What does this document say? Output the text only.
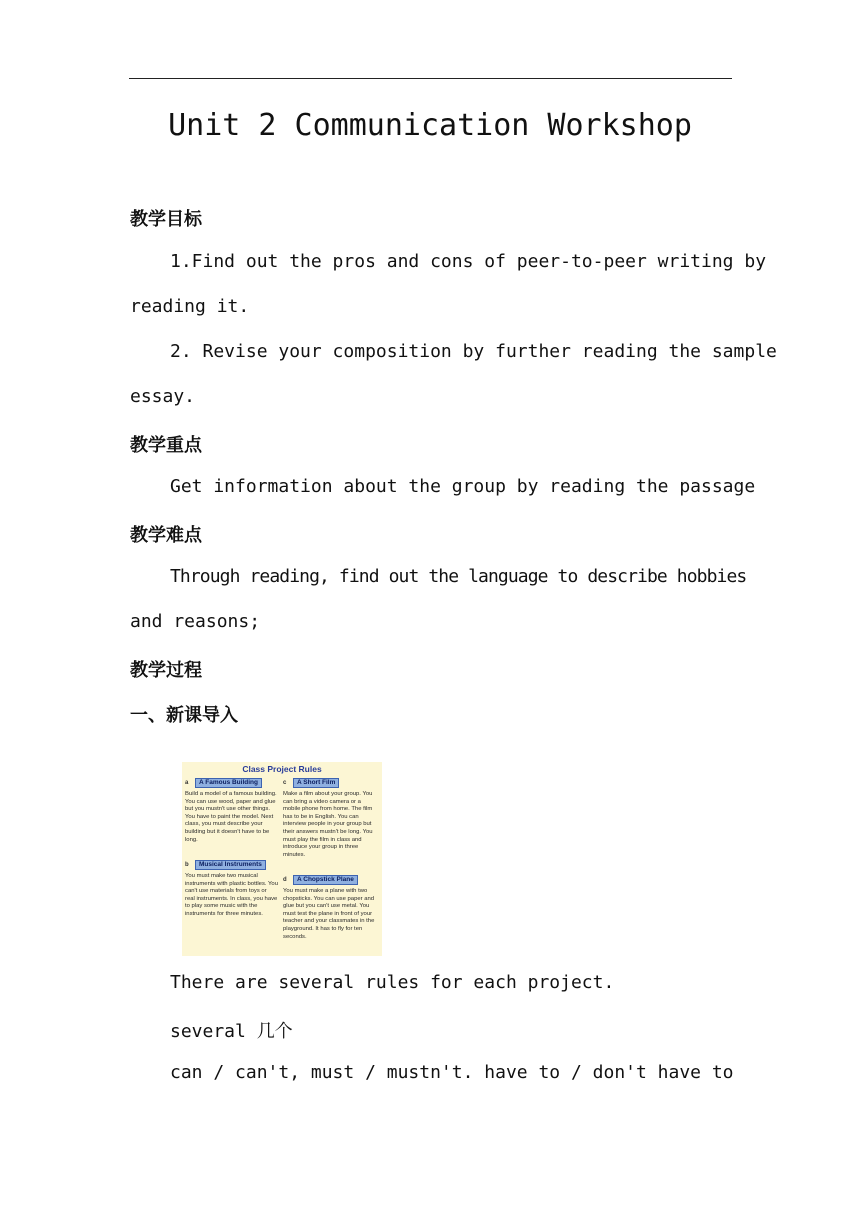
Unit 2 Communication Workshop
教学目标
1.Find out the pros and cons of peer-to-peer writing by
reading it.
2. Revise your composition by further reading the sample
essay.
教学重点
Get information about the group by reading the passage
教学难点
Through reading, find out the language to describe hobbies
and reasons;
教学过程
一、新课导入
Class Project Rules
a A Famous Building
Build a model of a famous building. You can use wood, paper and glue but you mustn't use other things. You have to paint the model. Next class, you must describe your building but it doesn't have to be long.
b Musical Instruments
You must make two musical instruments with plastic bottles. You can't use materials from toys or real instruments. In class, you have to play some music with the instruments for three minutes.
c A Short Film
Make a film about your group. You can bring a video camera or a mobile phone from home. The film has to be in English. You can interview people in your group but their answers mustn't be long. You must play the film in class and introduce your group in three minutes.
d A Chopstick Plane
You must make a plane with two chopsticks. You can use paper and glue but you can't use metal. You must test the plane in front of your teacher and your classmates in the playground. It has to fly for ten seconds.
There are several rules for each project.
several 几个
can / can't, must / mustn't. have to / don't have to
